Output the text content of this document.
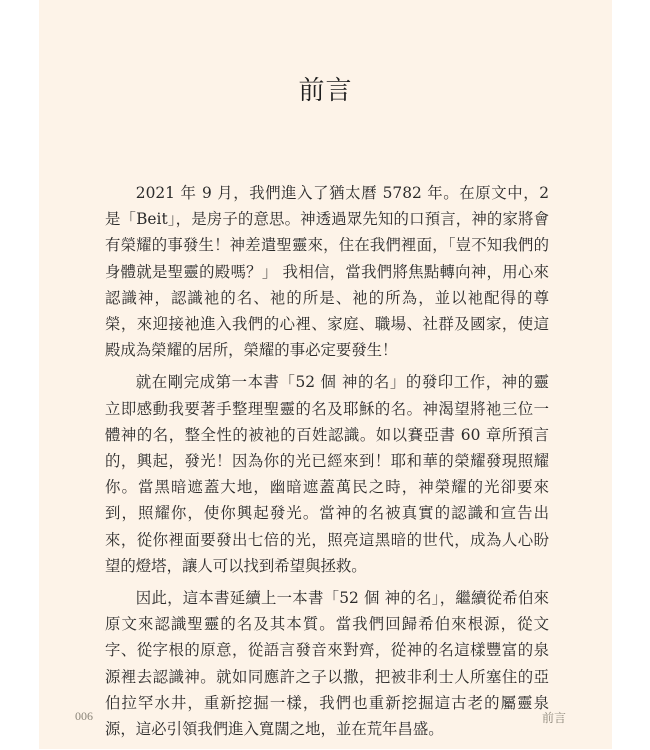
前言

2021 年 9 月，我們進入了猶太曆 5782 年。在原文中，2 是「Beit」，是房子的意思。神透過眾先知的口預言，神的家將會有榮耀的事發生！神差遣聖靈來，住在我們裡面，「豈不知我們的身體就是聖靈的殿嗎？」 我相信，當我們將焦點轉向神，用心來認識神，認識祂的名、祂的所是、祂的所為，並以祂配得的尊榮，來迎接祂進入我們的心裡、家庭、職場、社群及國家，使這殿成為榮耀的居所，榮耀的事必定要發生！

就在剛完成第一本書「52 個 神的名」的發印工作，神的靈立即感動我要著手整理聖靈的名及耶穌的名。神渴望將祂三位一體神的名，整全性的被祂的百姓認識。如以賽亞書 60 章所預言的，興起，發光！因為你的光已經來到！耶和華的榮耀發現照耀你。當黑暗遮蓋大地，幽暗遮蓋萬民之時，神榮耀的光卻要來到，照耀你，使你興起發光。當神的名被真實的認識和宣告出來，從你裡面要發出七倍的光，照亮這黑暗的世代，成為人心盼望的燈塔，讓人可以找到希望與拯救。

因此，這本書延續上一本書「52 個 神的名」，繼續從希伯來原文來認識聖靈的名及其本質。當我們回歸希伯來根源，從文字、從字根的原意，從語言發音來對齊，從神的名這樣豐富的泉源裡去認識神。就如同應許之子以撒，把被非利士人所塞住的亞伯拉罕水井，重新挖掘一樣，我們也重新挖掘這古老的屬靈泉源，這必引領我們進入寬闊之地，並在荒年昌盛。

006	前言
